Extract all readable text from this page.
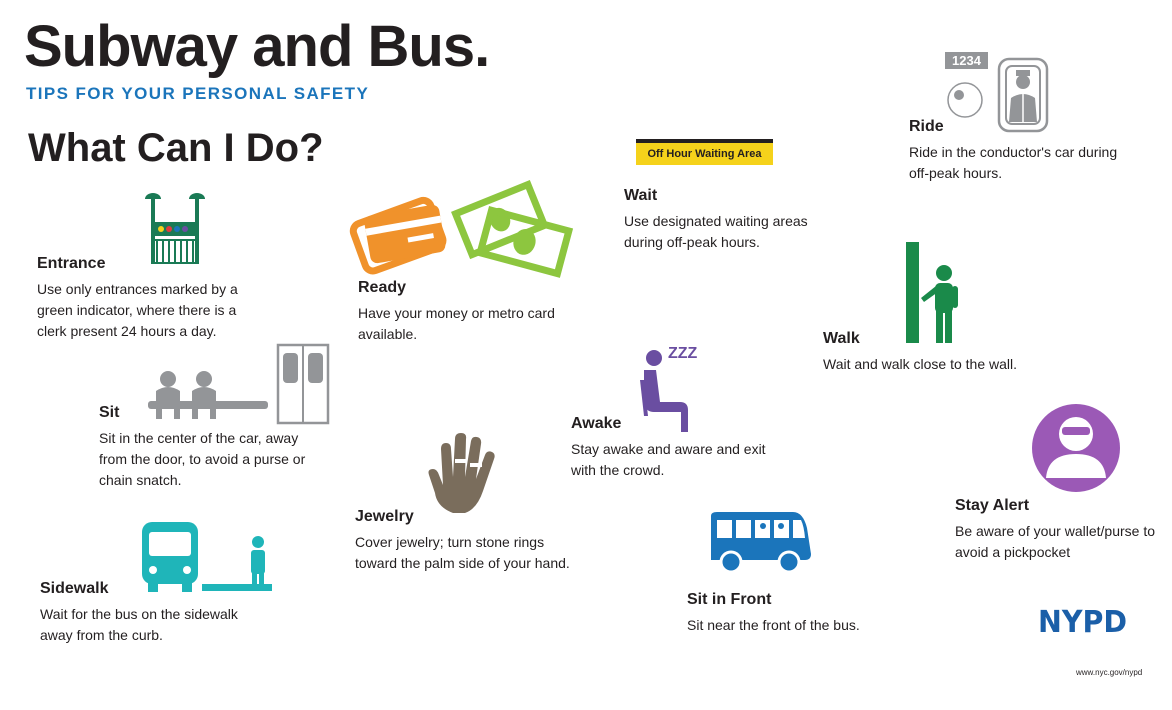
Subway and Bus.
TIPS FOR YOUR PERSONAL SAFETY
What Can I Do?
Entrance
Use only entrances marked by a
green indicator, where there is a
clerk present 24 hours a day.
Ready
Have your money or metro card
available.
Off Hour Waiting Area
Wait
Use designated waiting areas
during off-peak hours.
1234
Ride
Ride in the conductor's car during
off-peak hours.
Walk
Wait and walk close to the wall.
Sit
Sit in the center of the car, away
from the door, to avoid a purse or
chain snatch.
ZZZ
Awake
Stay awake and aware and exit
with the crowd.
Jewelry
Cover jewelry; turn stone rings
toward the palm side of your hand.
Stay Alert
Be aware of your wallet/purse to
avoid a pickpocket
Sidewalk
Wait for the bus on the sidewalk
away from the curb.
Sit in Front
Sit near the front of the bus.	NYPD
www.nyc.gov/nypd
